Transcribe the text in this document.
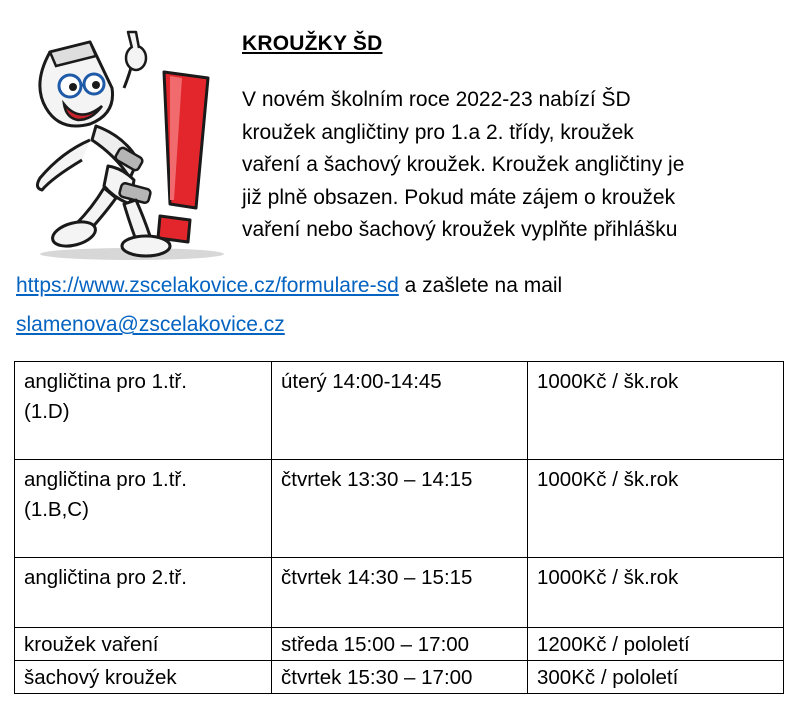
KROUŽKY ŠD

V novém školním roce 2022-23 nabízí ŠD
kroužek angličtiny pro 1.a 2. třídy, kroužek
vaření a šachový kroužek. Kroužek angličtiny je
již plně obsazen. Pokud máte zájem o kroužek
vaření nebo šachový kroužek vyplňte přihlášku

https://www.zscelakovice.cz/formulare-sd a zašlete na mail
slamenova@zscelakovice.cz
angličtina pro 1.tř.
(1.D)	úterý 14:00-14:45	1000Kč / šk.rok
angličtina pro 1.tř.
(1.B,C)	čtvrtek 13:30 – 14:15	1000Kč / šk.rok
angličtina pro 2.tř.	čtvrtek 14:30 – 15:15	1000Kč / šk.rok
kroužek vaření	středa 15:00 – 17:00	1200Kč / pololetí
šachový kroužek	čtvrtek 15:30 – 17:00	300Kč / pololetí
